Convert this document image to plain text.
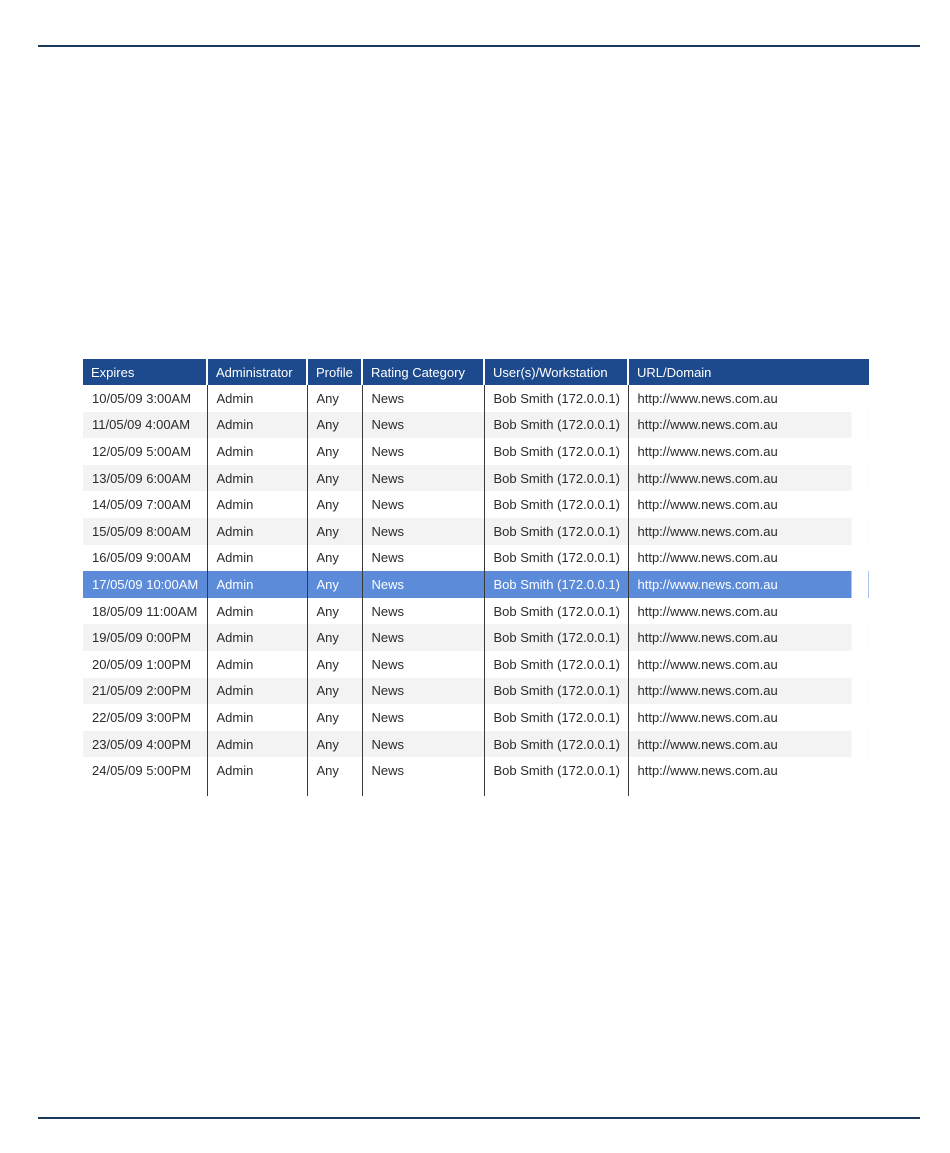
Expires	Administrator	Profile	Rating Category	User(s)/Workstation	URL/Domain
10/05/09 3:00AM	Admin	Any	News	Bob Smith (172.0.0.1)	http://www.news.com.au
11/05/09 4:00AM	Admin	Any	News	Bob Smith (172.0.0.1)	http://www.news.com.au
12/05/09 5:00AM	Admin	Any	News	Bob Smith (172.0.0.1)	http://www.news.com.au
13/05/09 6:00AM	Admin	Any	News	Bob Smith (172.0.0.1)	http://www.news.com.au
14/05/09 7:00AM	Admin	Any	News	Bob Smith (172.0.0.1)	http://www.news.com.au
15/05/09 8:00AM	Admin	Any	News	Bob Smith (172.0.0.1)	http://www.news.com.au
16/05/09 9:00AM	Admin	Any	News	Bob Smith (172.0.0.1)	http://www.news.com.au
17/05/09 10:00AM	Admin	Any	News	Bob Smith (172.0.0.1)	http://www.news.com.au
18/05/09 11:00AM	Admin	Any	News	Bob Smith (172.0.0.1)	http://www.news.com.au
19/05/09 0:00PM	Admin	Any	News	Bob Smith (172.0.0.1)	http://www.news.com.au
20/05/09 1:00PM	Admin	Any	News	Bob Smith (172.0.0.1)	http://www.news.com.au
21/05/09 2:00PM	Admin	Any	News	Bob Smith (172.0.0.1)	http://www.news.com.au
22/05/09 3:00PM	Admin	Any	News	Bob Smith (172.0.0.1)	http://www.news.com.au
23/05/09 4:00PM	Admin	Any	News	Bob Smith (172.0.0.1)	http://www.news.com.au
24/05/09 5:00PM	Admin	Any	News	Bob Smith (172.0.0.1)	http://www.news.com.au
